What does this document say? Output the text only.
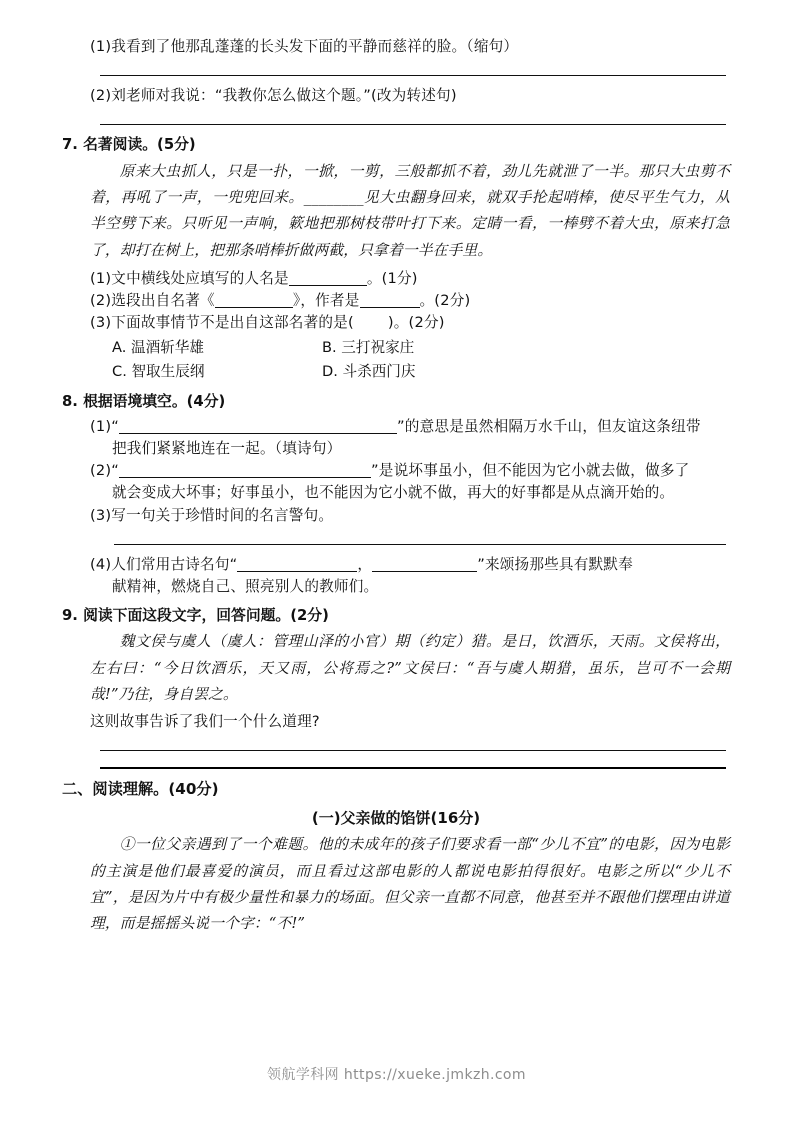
(1)我看到了他那乱蓬蓬的长头发下面的平静而慈祥的脸。（缩句）
(2)刘老师对我说：“我教你怎么做这个题。”(改为转述句)
7. 名著阅读。(5分)
原来大虫抓人，只是一扑，一掀，一剪，三般都抓不着，劲儿先就泄了一半。那只大虫剪不着，再吼了一声，一兜兜回来。________见大虫翻身回来，就双手抡起哨棒，使尽平生气力，从半空劈下来。只听见一声响，簌地把那树枝带叶打下来。定睛一看，一棒劈不着大虫，原来打急了，却打在树上，把那条哨棒折做两截，只拿着一半在手里。
(1)文中横线处应填写的人名是	。(1分)
(2)选段出自名著《	》，作者是	。(2分)
(3)下面故事情节不是出自这部名著的是( )。(2分)
A. 温酒斩华雄	B. 三打祝家庄
C. 智取生辰纲	D. 斗杀西门庆
8. 根据语境填空。(4分)
(1)“	”的意思是虽然相隔万水千山，但友谊这条纽带
把我们紧紧地连在一起。（填诗句）
(2)“	”是说坏事虽小，但不能因为它小就去做，做多了
就会变成大坏事；好事虽小，也不能因为它小就不做，再大的好事都是从点滴开始的。
(3)写一句关于珍惜时间的名言警句。
(4)人们常用古诗名句“	，	”来颂扬那些具有默默奉
献精神，燃烧自己、照亮别人的教师们。
9. 阅读下面这段文字，回答问题。(2分)
魏文侯与虞人（虞人：管理山泽的小官）期（约定）猎。是日，饮酒乐，天雨。文侯将出，左右曰：“今日饮酒乐，天又雨，公将焉之?”文侯曰：“吾与虞人期猎，虽乐，岂可不一会期哉!”乃往，身自罢之。
这则故事告诉了我们一个什么道理?
二、阅读理解。(40分)
(一)父亲做的馅饼(16分)
①一位父亲遇到了一个难题。他的未成年的孩子们要求看一部“少儿不宜”的电影，因为电影的主演是他们最喜爱的演员，而且看过这部电影的人都说电影拍得很好。电影之所以“少儿不宜”，是因为片中有极少量性和暴力的场面。但父亲一直都不同意，他甚至并不跟他们摆理由讲道理，而是摇摇头说一个字：“不!”
领航学科网 https://xueke.jmkzh.com
